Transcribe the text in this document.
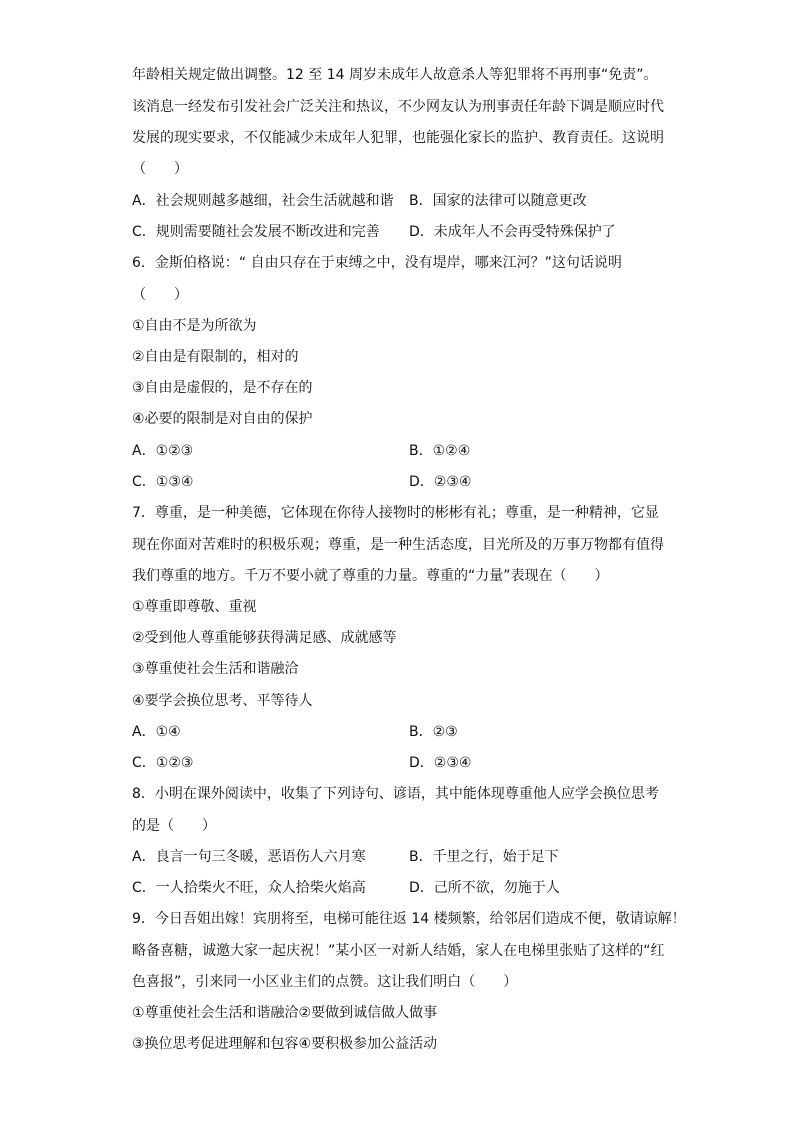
年龄相关规定做出调整。12 至 14 周岁未成年人故意杀人等犯罪将不再刑事“免责”。
该消息一经发布引发社会广泛关注和热议，不少网友认为刑事责任年龄下调是顺应时代
发展的现实要求，不仅能减少未成年人犯罪，也能强化家长的监护、教育责任。这说明
（　　）
A．社会规则越多越细，社会生活就越和谐 B．国家的法律可以随意更改
C．规则需要随社会发展不断改进和完善 D．未成年人不会再受特殊保护了
6．金斯伯格说：“ 自由只存在于束缚之中，没有堤岸，哪来江河？”这句话说明
（　　）
①自由不是为所欲为
②自由是有限制的，相对的
③自由是虚假的，是不存在的
④必要的限制是对自由的保护
A．①②③	B．①②④
C．①③④	D．②③④
7．尊重，是一种美德，它体现在你待人接物时的彬彬有礼；尊重，是一种精神，它显
现在你面对苦难时的积极乐观；尊重，是一种生活态度，目光所及的万事万物都有值得
我们尊重的地方。千万不要小就了尊重的力量。尊重的“力量”表现在（　　）
①尊重即尊敬、重视
②受到他人尊重能够获得满足感、成就感等
③尊重使社会生活和谐融洽
④要学会换位思考、平等待人
A．①④	B．②③
C．①②③	D．②③④
8．小明在课外阅读中，收集了下列诗句、谚语，其中能体现尊重他人应学会换位思考
的是（　　）
A．良言一句三冬暖，恶语伤人六月寒	B．千里之行，始于足下
C．一人拾柴火不旺，众人拾柴火焰高	D．己所不欲，勿施于人
9．今日吾姐出嫁！宾朋将至，电梯可能往返 14 楼频繁，给邻居们造成不便，敬请谅解！
略备喜糖，诚邀大家一起庆祝！”某小区一对新人结婚，家人在电梯里张贴了这样的“红
色喜报”，引来同一小区业主们的点赞。这让我们明白（　　）
①尊重使社会生活和谐融洽②要做到诚信做人做事
③换位思考促进理解和包容④要积极参加公益活动
